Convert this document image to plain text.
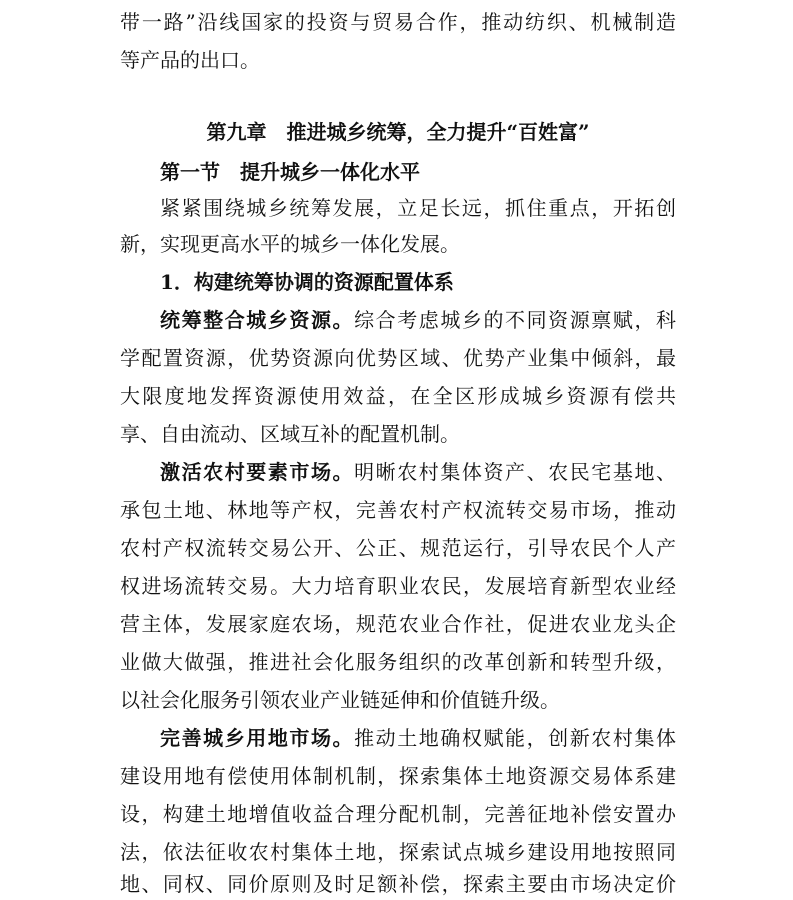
带一路”沿线国家的投资与贸易合作，推动纺织、机械制造
等产品的出口。
第九章　推进城乡统筹，全力提升“百姓富”
第一节　提升城乡一体化水平
紧紧围绕城乡统筹发展，立足长远，抓住重点，开拓创
新，实现更高水平的城乡一体化发展。
1．构建统筹协调的资源配置体系
统筹整合城乡资源。综合考虑城乡的不同资源禀赋，科
学配置资源，优势资源向优势区域、优势产业集中倾斜，最
大限度地发挥资源使用效益，在全区形成城乡资源有偿共
享、自由流动、区域互补的配置机制。
激活农村要素市场。明晰农村集体资产、农民宅基地、
承包土地、林地等产权，完善农村产权流转交易市场，推动
农村产权流转交易公开、公正、规范运行，引导农民个人产
权进场流转交易。大力培育职业农民，发展培育新型农业经
营主体，发展家庭农场，规范农业合作社，促进农业龙头企
业做大做强，推进社会化服务组织的改革创新和转型升级，
以社会化服务引领农业产业链延伸和价值链升级。
完善城乡用地市场。推动土地确权赋能，创新农村集体
建设用地有偿使用体制机制，探索集体土地资源交易体系建
设，构建土地增值收益合理分配机制，完善征地补偿安置办
法，依法征收农村集体土地，探索试点城乡建设用地按照同
地、同权、同价原则及时足额补偿，探索主要由市场决定价
